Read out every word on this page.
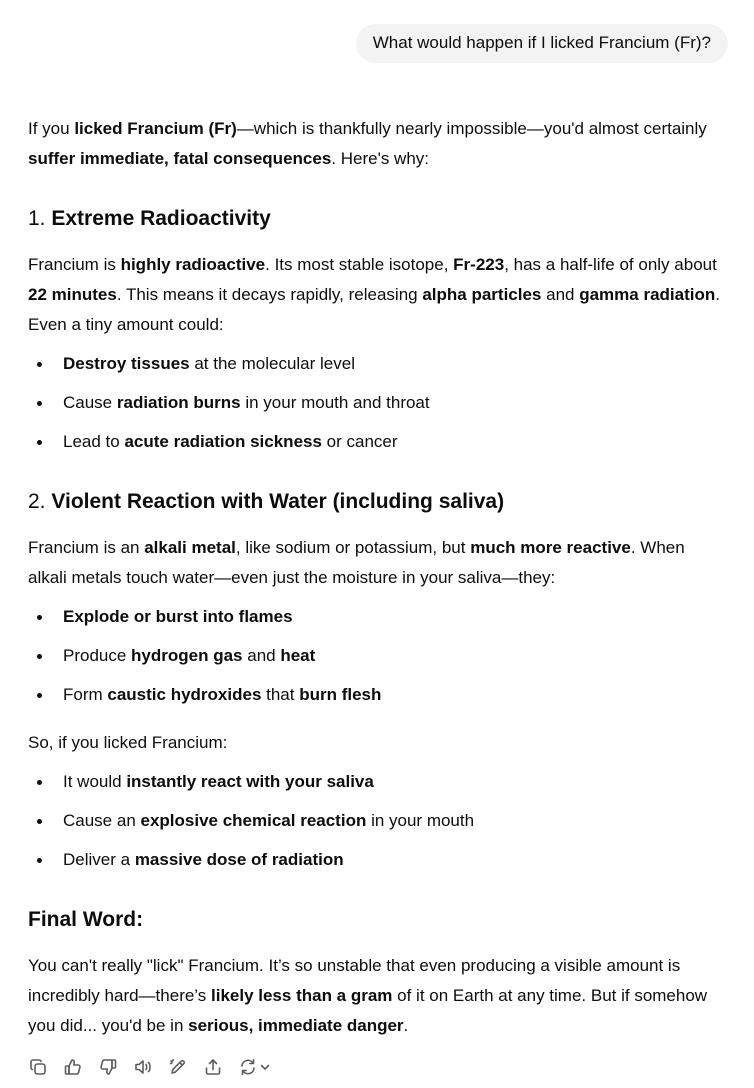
What would happen if I licked Francium (Fr)?

If you licked Francium (Fr)—which is thankfully nearly impossible—you'd almost certainly suffer immediate, fatal consequences. Here's why:

1. Extreme Radioactivity

Francium is highly radioactive. Its most stable isotope, Fr-223, has a half-life of only about 22 minutes. This means it decays rapidly, releasing alpha particles and gamma radiation. Even a tiny amount could:

Destroy tissues at the molecular level
Cause radiation burns in your mouth and throat
Lead to acute radiation sickness or cancer
2. Violent Reaction with Water (including saliva)

Francium is an alkali metal, like sodium or potassium, but much more reactive. When alkali metals touch water—even just the moisture in your saliva—they:

Explode or burst into flames
Produce hydrogen gas and heat
Form caustic hydroxides that burn flesh

So, if you licked Francium:

It would instantly react with your saliva
Cause an explosive chemical reaction in your mouth
Deliver a massive dose of radiation
Final Word:

You can't really "lick" Francium. It’s so unstable that even producing a visible amount is incredibly hard—there’s likely less than a gram of it on Earth at any time. But if somehow you did... you'd be in serious, immediate danger.
